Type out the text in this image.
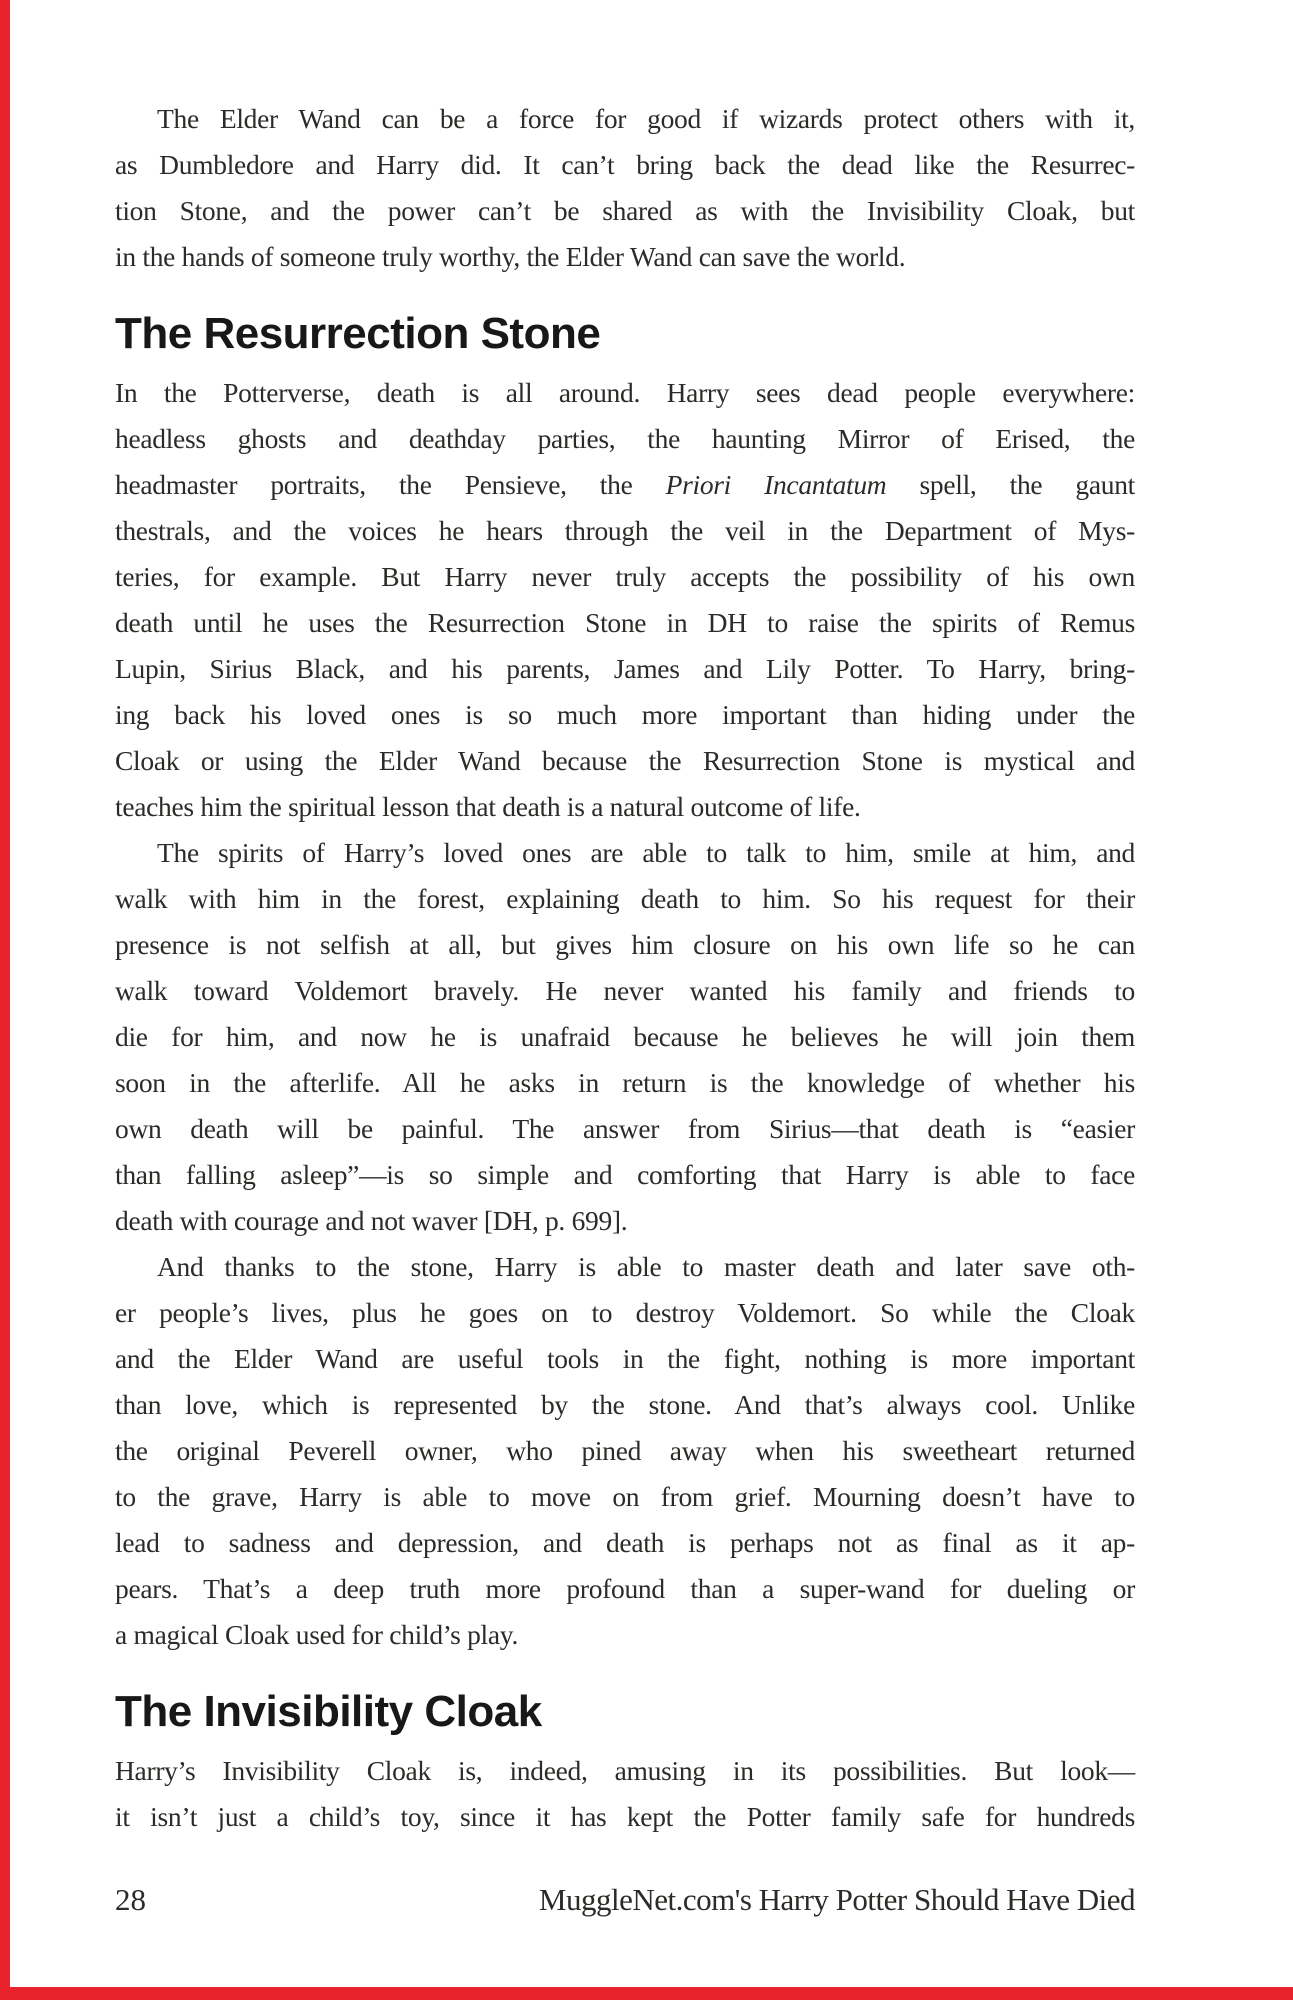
The Elder Wand can be a force for good if wizards protect others with it,
as Dumbledore and Harry did. It can’t bring back the dead like the Resurrec-
tion Stone, and the power can’t be shared as with the Invisibility Cloak, but
in the hands of someone truly worthy, the Elder Wand can save the world.
The Resurrection Stone
In the Potterverse, death is all around. Harry sees dead people everywhere:
headless ghosts and deathday parties, the haunting Mirror of Erised, the
headmaster portraits, the Pensieve, the Priori Incantatum spell, the gaunt
thestrals, and the voices he hears through the veil in the Department of Mys-
teries, for example. But Harry never truly accepts the possibility of his own
death until he uses the Resurrection Stone in DH to raise the spirits of Remus
Lupin, Sirius Black, and his parents, James and Lily Potter. To Harry, bring-
ing back his loved ones is so much more important than hiding under the
Cloak or using the Elder Wand because the Resurrection Stone is mystical and
teaches him the spiritual lesson that death is a natural outcome of life.
The spirits of Harry’s loved ones are able to talk to him, smile at him, and
walk with him in the forest, explaining death to him. So his request for their
presence is not selfish at all, but gives him closure on his own life so he can
walk toward Voldemort bravely. He never wanted his family and friends to
die for him, and now he is unafraid because he believes he will join them
soon in the afterlife. All he asks in return is the knowledge of whether his
own death will be painful. The answer from Sirius—that death is “easier
than falling asleep”—is so simple and comforting that Harry is able to face
death with courage and not waver [DH, p. 699].
And thanks to the stone, Harry is able to master death and later save oth-
er people’s lives, plus he goes on to destroy Voldemort. So while the Cloak
and the Elder Wand are useful tools in the fight, nothing is more important
than love, which is represented by the stone. And that’s always cool. Unlike
the original Peverell owner, who pined away when his sweetheart returned
to the grave, Harry is able to move on from grief. Mourning doesn’t have to
lead to sadness and depression, and death is perhaps not as final as it ap-
pears. That’s a deep truth more profound than a super-wand for dueling or
a magical Cloak used for child’s play.
The Invisibility Cloak
Harry’s Invisibility Cloak is, indeed, amusing in its possibilities. But look—
it isn’t just a child’s toy, since it has kept the Potter family safe for hundreds
28	MuggleNet.com's Harry Potter Should Have Died
